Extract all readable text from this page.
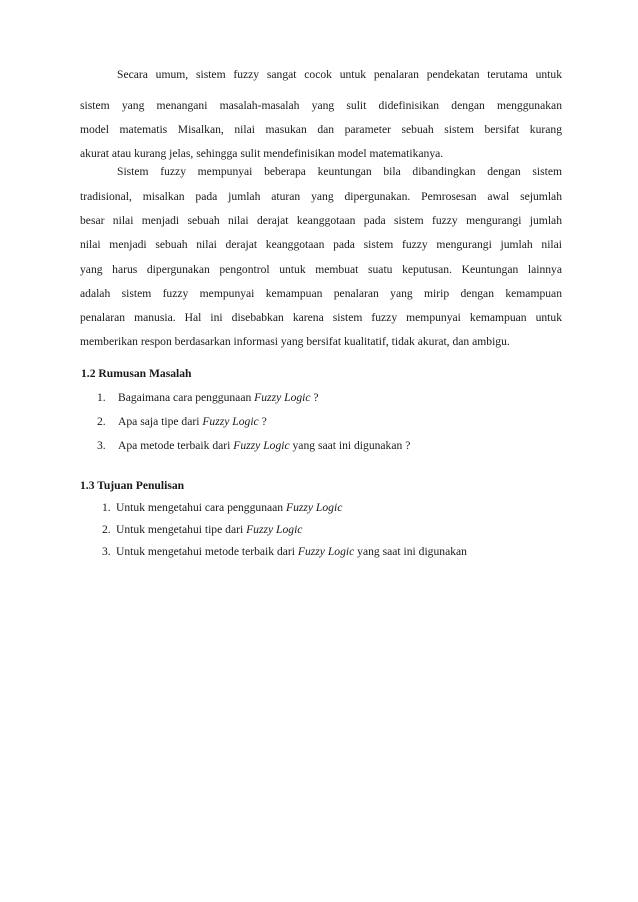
Secara umum, sistem fuzzy sangat cocok untuk penalaran pendekatan terutama untuk
sistem yang menangani masalah-masalah yang sulit didefinisikan dengan menggunakan
model matematis Misalkan, nilai masukan dan parameter sebuah sistem bersifat kurang
akurat atau kurang jelas, sehingga sulit mendefinisikan model matematikanya.
Sistem fuzzy mempunyai beberapa keuntungan bila dibandingkan dengan sistem
tradisional, misalkan pada jumlah aturan yang dipergunakan. Pemrosesan awal sejumlah
besar nilai menjadi sebuah nilai derajat keanggotaan pada sistem fuzzy mengurangi jumlah
nilai menjadi sebuah nilai derajat keanggotaan pada sistem fuzzy mengurangi jumlah nilai
yang harus dipergunakan pengontrol untuk membuat suatu keputusan. Keuntungan lainnya
adalah sistem fuzzy mempunyai kemampuan penalaran yang mirip dengan kemampuan
penalaran manusia. Hal ini disebabkan karena sistem fuzzy mempunyai kemampuan untuk
memberikan respon berdasarkan informasi yang bersifat kualitatif, tidak akurat, dan ambigu.
1.2 Rumusan Masalah
1. Bagaimana cara penggunaan Fuzzy Logic ?
2. Apa saja tipe dari Fuzzy Logic ?
3. Apa metode terbaik dari Fuzzy Logic yang saat ini digunakan ?
1.3 Tujuan Penulisan
1. Untuk mengetahui cara penggunaan Fuzzy Logic
2. Untuk mengetahui tipe dari Fuzzy Logic
3. Untuk mengetahui metode terbaik dari Fuzzy Logic yang saat ini digunakan
